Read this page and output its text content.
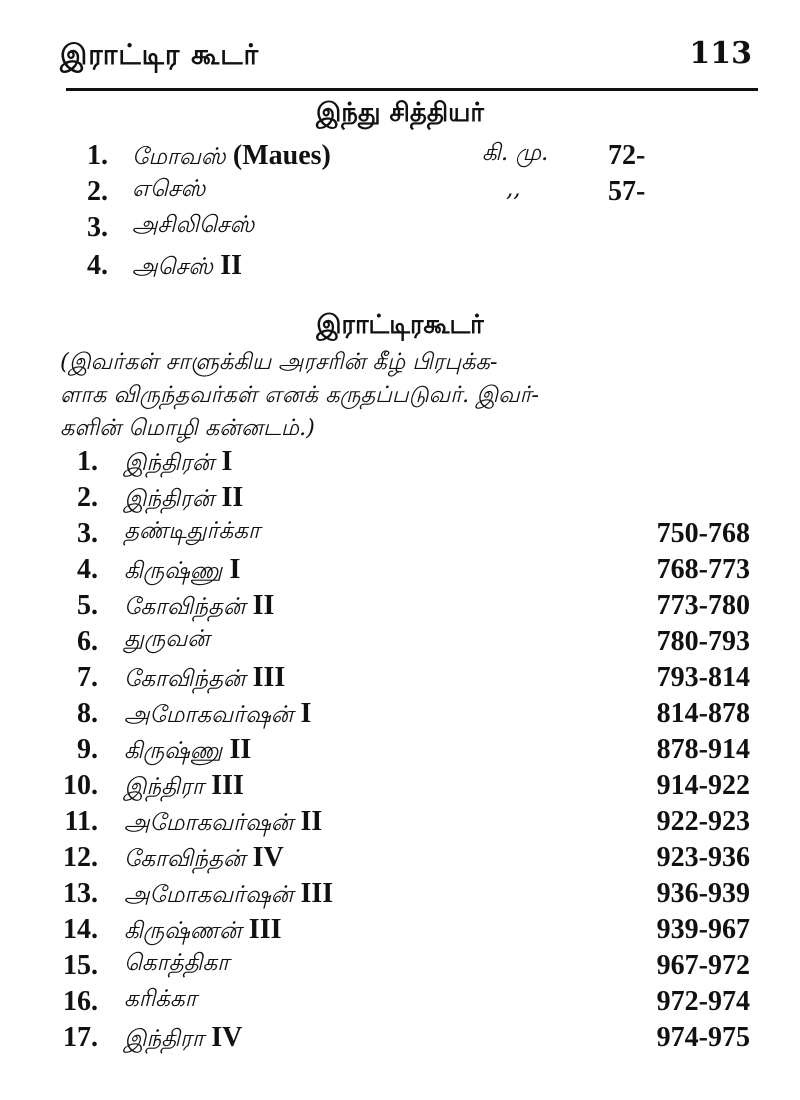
இராட்டிர கூடர்	113
இந்து சித்தியர்
1. மோவஸ் (Maues)	கி. மு. 72-
2. எசெஸ்	,,	57-
3. அசிலிசெஸ்
4. அசெஸ் II
இராட்டிரகூடர்
(இவர்கள் சாளுக்கிய அரசரின் கீழ் பிரபுக்க-
ளாக விருந்தவர்கள் எனக் கருதப்படுவர். இவர்-
களின் மொழி கன்னடம்.)
1. இந்திரன் I
2. இந்திரன் II
3. தண்டிதுர்க்கா	750-768
4. கிருஷ்ணு I	768-773
5. கோவிந்தன் II	773-780
6. துருவன்	780-793
7. கோவிந்தன் III	793-814
8. அமோகவர்ஷன் I	814-878
9. கிருஷ்ணு II	878-914
10. இந்திரா III	914-922
11. அமோகவர்ஷன் II	922-923
12. கோவிந்தன் IV	923-936
13. அமோகவர்ஷன் III	936-939
14. கிருஷ்ணன் III	939-967
15. கொத்திகா	967-972
16. கரிக்கா	972-974
17. இந்திரா IV	974-975
